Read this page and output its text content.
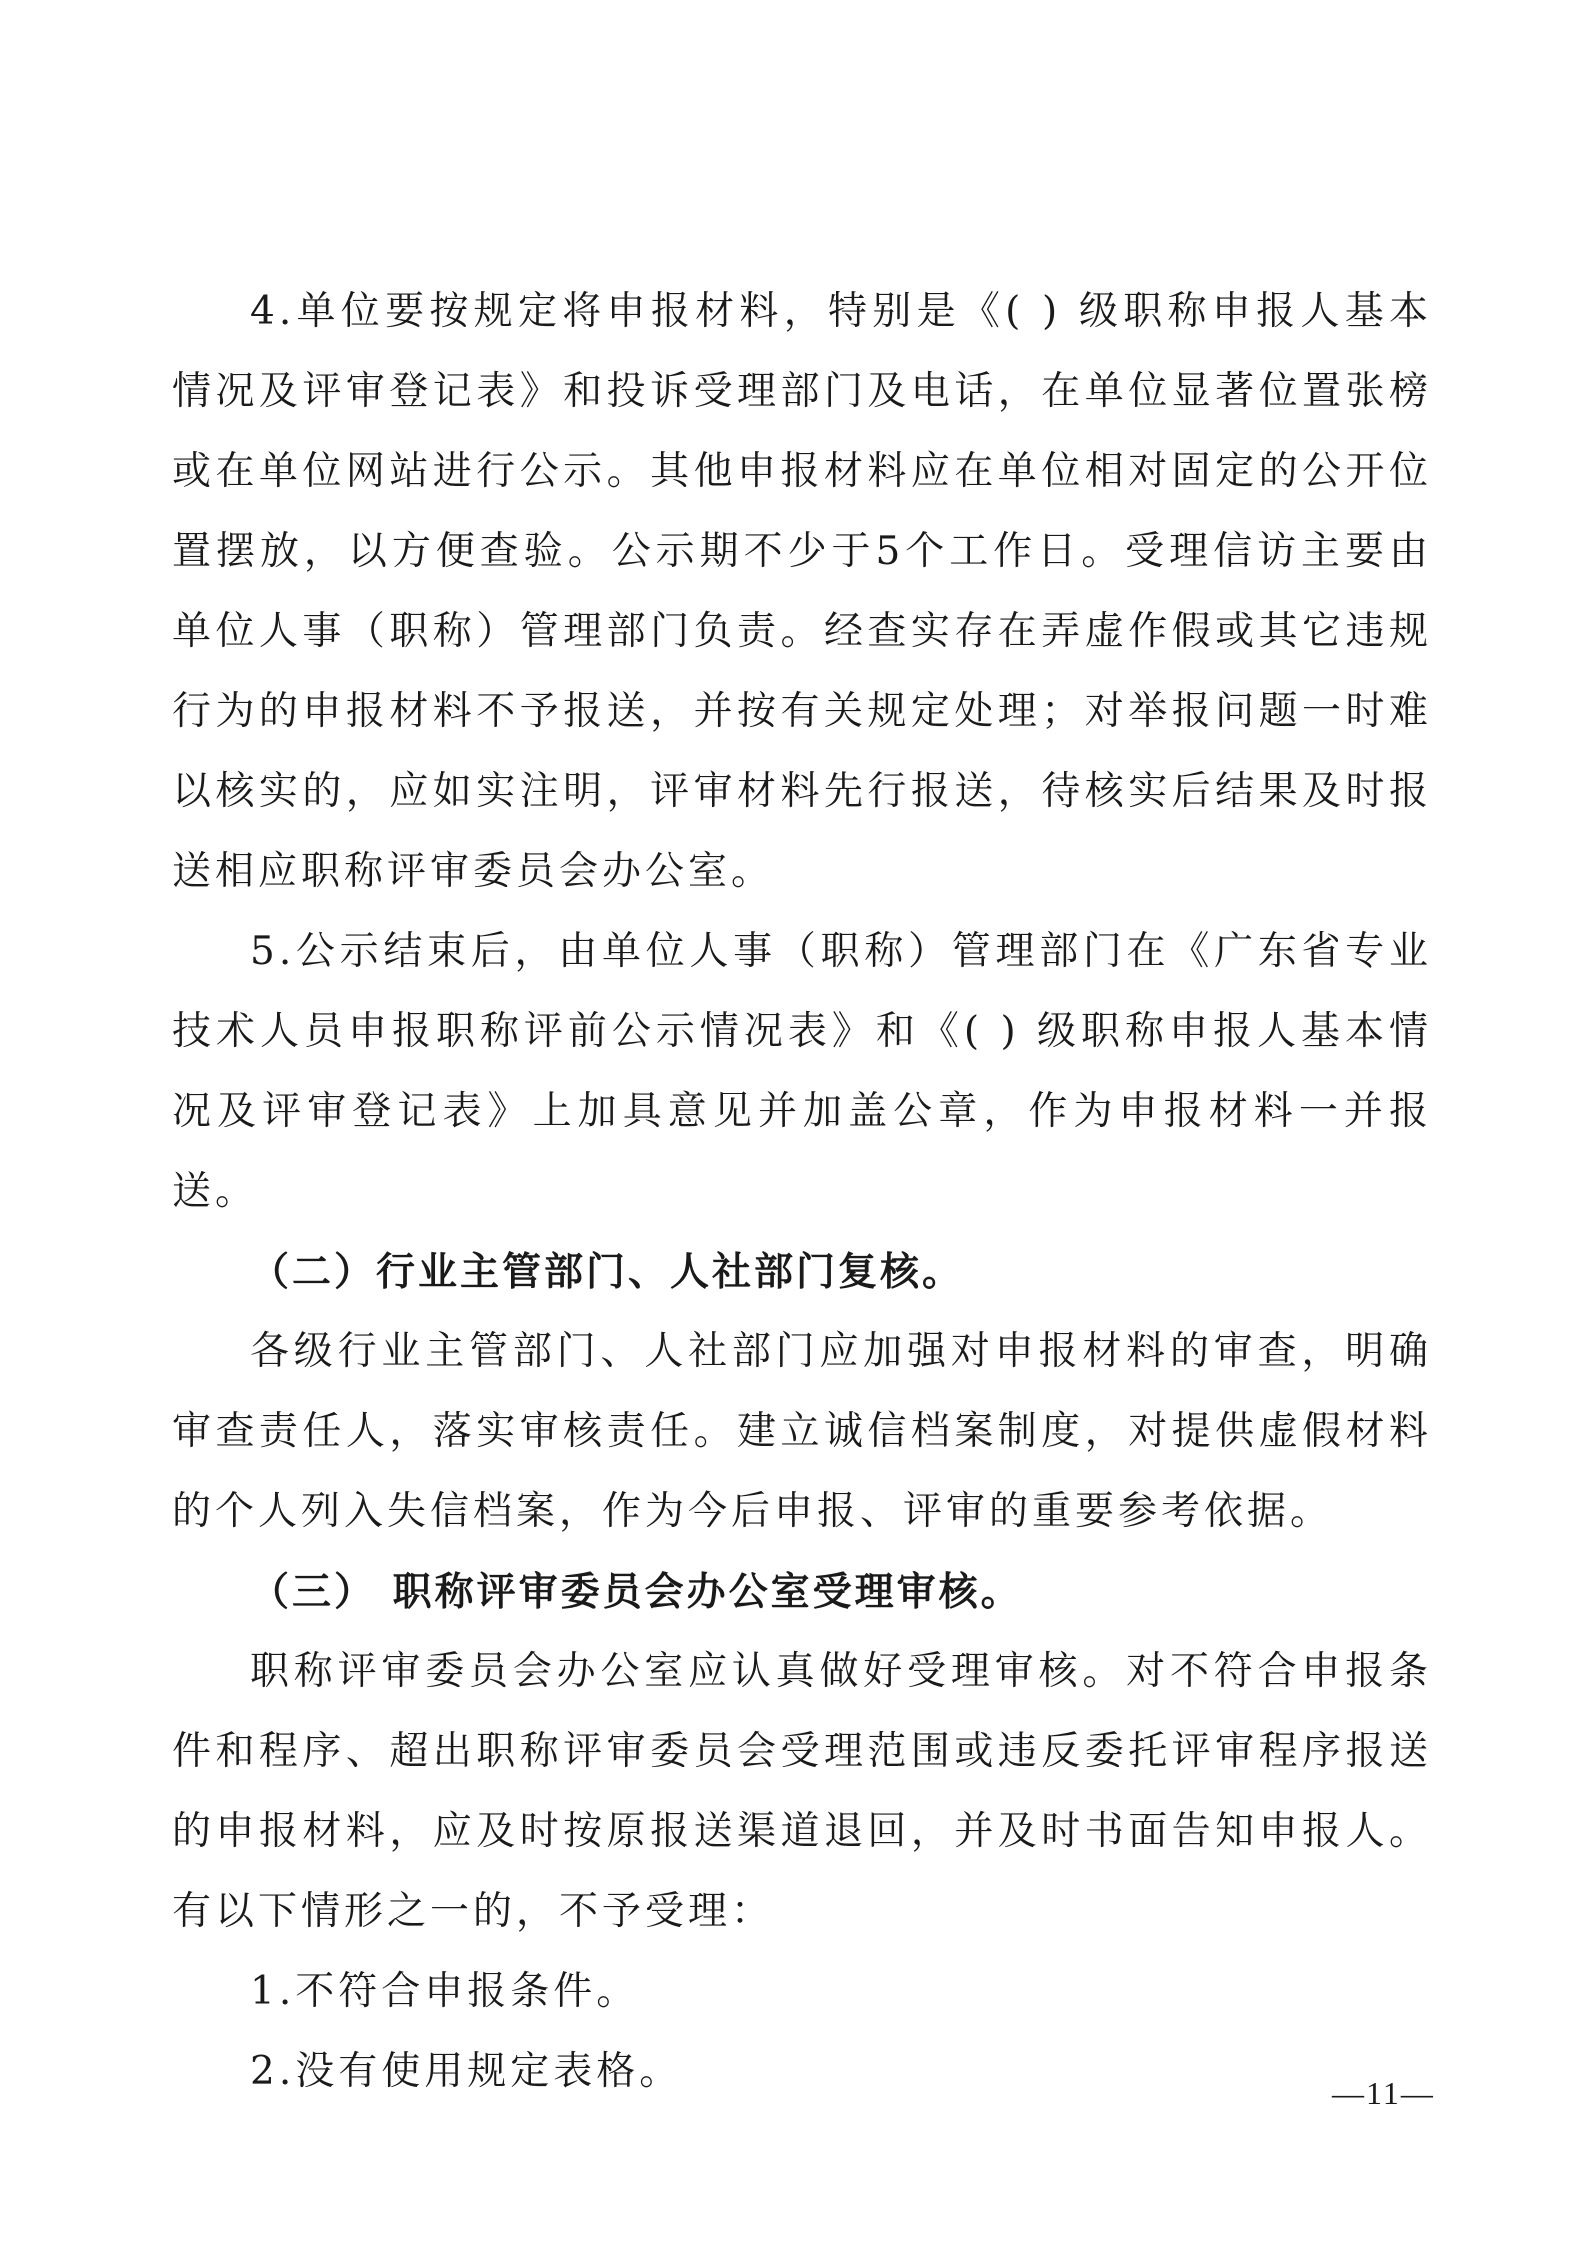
4.单位要按规定将申报材料，特别是《( ) 级职称申报人基本情况及评审登记表》和投诉受理部门及电话，在单位显著位置张榜或在单位网站进行公示。其他申报材料应在单位相对固定的公开位置摆放，以方便查验。公示期不少于5个工作日。受理信访主要由单位人事（职称）管理部门负责。经查实存在弄虚作假或其它违规行为的申报材料不予报送，并按有关规定处理；对举报问题一时难以核实的，应如实注明，评审材料先行报送，待核实后结果及时报送相应职称评审委员会办公室。

5.公示结束后，由单位人事（职称）管理部门在《广东省专业技术人员申报职称评前公示情况表》和《( ) 级职称申报人基本情况及评审登记表》上加具意见并加盖公章，作为申报材料一并报送。

（二）行业主管部门、人社部门复核。

各级行业主管部门、人社部门应加强对申报材料的审查，明确审查责任人，落实审核责任。建立诚信档案制度，对提供虚假材料的个人列入失信档案，作为今后申报、评审的重要参考依据。

（三） 职称评审委员会办公室受理审核。

职称评审委员会办公室应认真做好受理审核。对不符合申报条件和程序、超出职称评审委员会受理范围或违反委托评审程序报送的申报材料，应及时按原报送渠道退回，并及时书面告知申报人。有以下情形之一的，不予受理：

1.不符合申报条件。

2.没有使用规定表格。	—11—
